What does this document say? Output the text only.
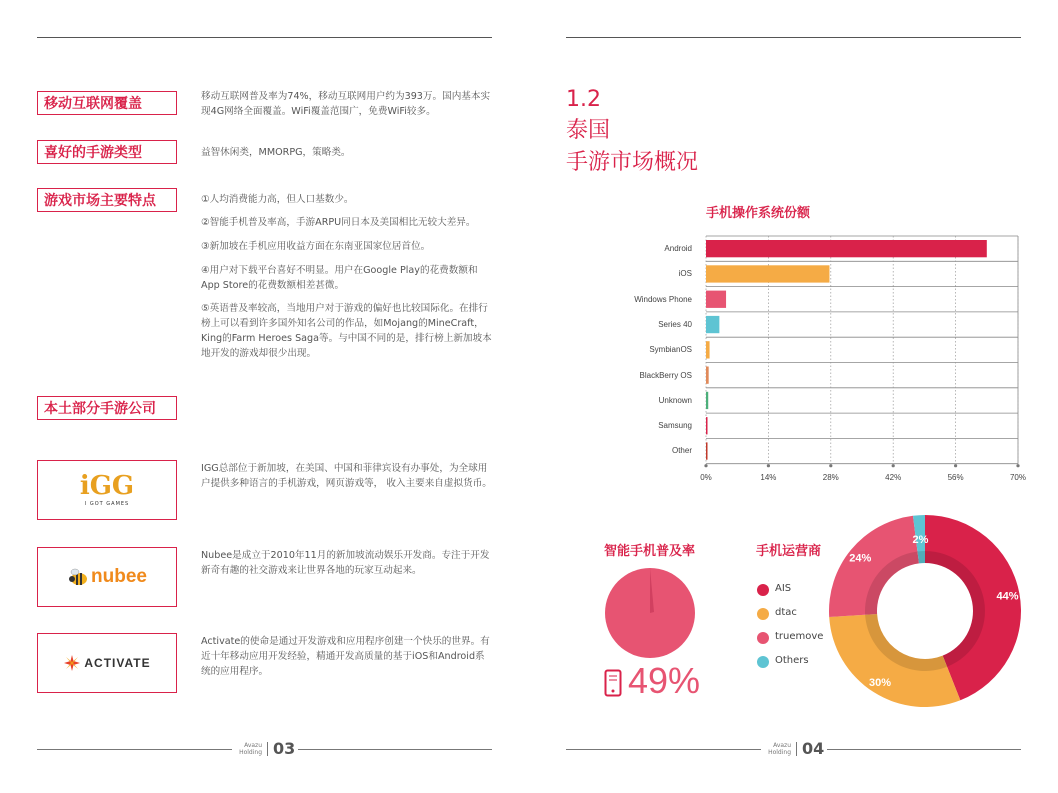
移动互联网覆盖	移动互联网普及率为74%，移动互联网用户约为393万。国内基本实现4G网络全面覆盖。WiFi覆盖范围广，免费WiFi较多。
喜好的手游类型	益智休闲类，MMORPG，策略类。
游戏市场主要特点	①人均消费能力高，但人口基数少。
②智能手机普及率高，手游ARPU同日本及美国相比无较大差异。
③新加坡在手机应用收益方面在东南亚国家位居首位。
④用户对下载平台喜好不明显。用户在Google Play的花费数额和App Store的花费数额相差甚微。
⑤英语普及率较高，当地用户对于游戏的偏好也比较国际化。在排行榜上可以看到许多国外知名公司的作品，如Mojang的MineCraft，King的Farm Heroes Saga等。与中国不同的是，排行榜上新加坡本地开发的游戏却很少出现。
本土部分手游公司
iGG
I GOT GAMES
IGG总部位于新加坡，在美国、中国和菲律宾设有办事处，为全球用户提供多种语言的手机游戏，网页游戏等， 收入主要来自虚拟货币。
nubee
Nubee是成立于2010年11月的新加坡流动娱乐开发商。专注于开发新奇有趣的社交游戏来让世界各地的玩家互动起来。
ACTIVATE
Activate的使命是通过开发游戏和应用程序创建一个快乐的世界。有近十年移动应用开发经验，精通开发高质量的基于iOS和Android系统的应用程序。
Avazu
Holding 03
1.2
泰国
手游市场概况
手机操作系统份额
Android
iOS
Windows Phone
Series 40
SymbianOS
BlackBerry OS
Unknown
Samsung
Other
0%	14%	28%	42%	56%	70%
智能手机普及率
49%
手机运营商
AIS
dtac
truemove
Others
44%
30%
24%
2%
Avazu
Holding 04
